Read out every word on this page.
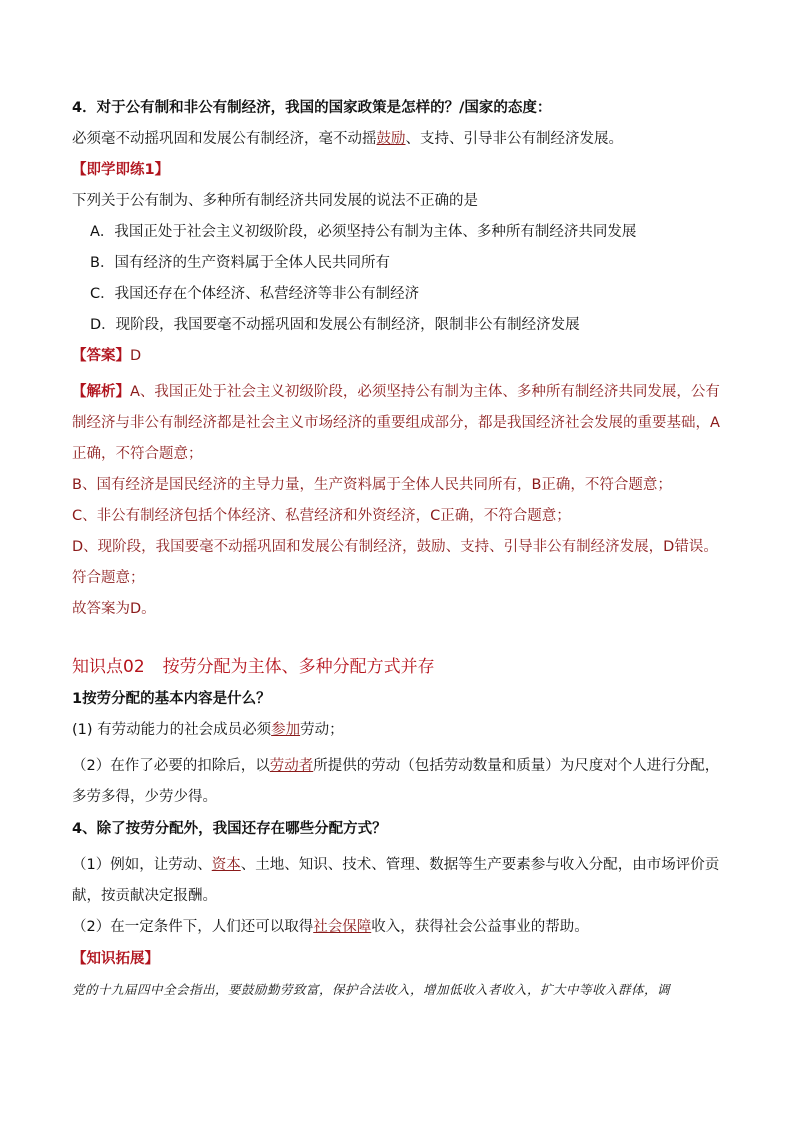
4．对于公有制和非公有制经济，我国的国家政策是怎样的？/国家的态度：

必须毫不动摇巩固和发展公有制经济，毫不动摇鼓励、支持、引导非公有制经济发展。

【即学即练1】

下列关于公有制为、多种所有制经济共同发展的说法不正确的是

A．我国正处于社会主义初级阶段，必须坚持公有制为主体、多种所有制经济共同发展

B．国有经济的生产资料属于全体人民共同所有

C．我国还存在个体经济、私营经济等非公有制经济

D．现阶段，我国要毫不动摇巩固和发展公有制经济，限制非公有制经济发展

【答案】D

【解析】A、我国正处于社会主义初级阶段，必须坚持公有制为主体、多种所有制经济共同发展，公有制经济与非公有制经济都是社会主义市场经济的重要组成部分，都是我国经济社会发展的重要基础，A正确，不符合题意；

B、国有经济是国民经济的主导力量，生产资料属于全体人民共同所有，B正确，不符合题意；

C、非公有制经济包括个体经济、私营经济和外资经济，C正确，不符合题意；

D、现阶段，我国要毫不动摇巩固和发展公有制经济，鼓励、支持、引导非公有制经济发展，D错误。符合题意；

故答案为D。

知识点02 按劳分配为主体、多种分配方式并存

1按劳分配的基本内容是什么？

(1) 有劳动能力的社会成员必须参加劳动；

（2）在作了必要的扣除后，以劳动者所提供的劳动（包括劳动数量和质量）为尺度对个人进行分配，多劳多得，少劳少得。

4、除了按劳分配外，我国还存在哪些分配方式？

（1）例如，让劳动、资本、土地、知识、技术、管理、数据等生产要素参与收入分配，由市场评价贡献，按贡献决定报酬。

（2）在一定条件下，人们还可以取得社会保障收入，获得社会公益事业的帮助。

【知识拓展】

党的十九届四中全会指出，要鼓励勤劳致富，保护合法收入，增加低收入者收入，扩大中等收入群体，调
